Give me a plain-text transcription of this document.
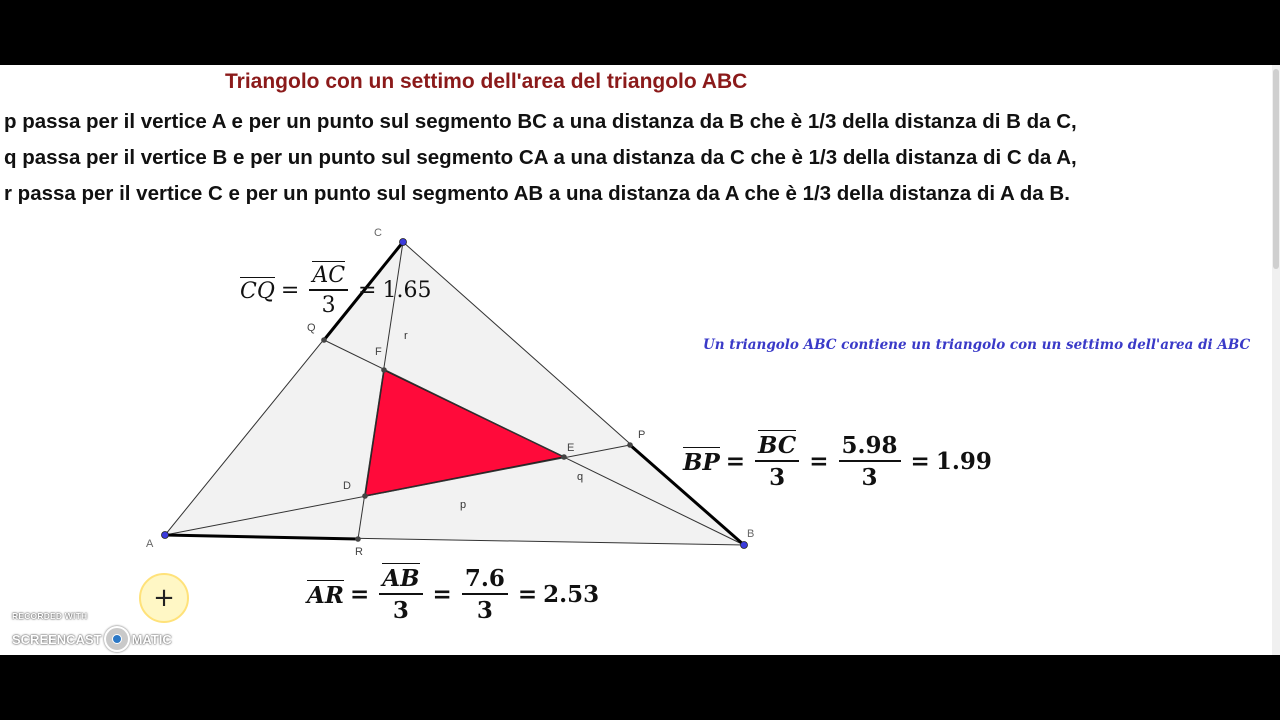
Triangolo con un settimo dell'area del triangolo ABC
p passa per il vertice A e per un punto sul segmento BC a una distanza da B che è 1/3 della distanza di B da C,
q passa per il vertice B e per un punto sul segmento CA a una distanza da C che è 1/3 della distanza di C da A,
r passa per il vertice C e per un punto sul segmento AB a una distanza da A che è 1/3 della distanza di A da B.
A
B
C
P
Q
R
D
E
F
p
q
r
Un triangolo ABC contiene un triangolo con un settimo dell'area di ABC
CQ = $\frac{AC}{3} = 1.65$
BP = $\frac{BC}{3} = \frac{5.98}{3} = 1.99$
AR = $\frac{AB}{3} = \frac{7.6}{3} = 2.53$
+
RECORDED WITH
SCREENCAST MATIC
